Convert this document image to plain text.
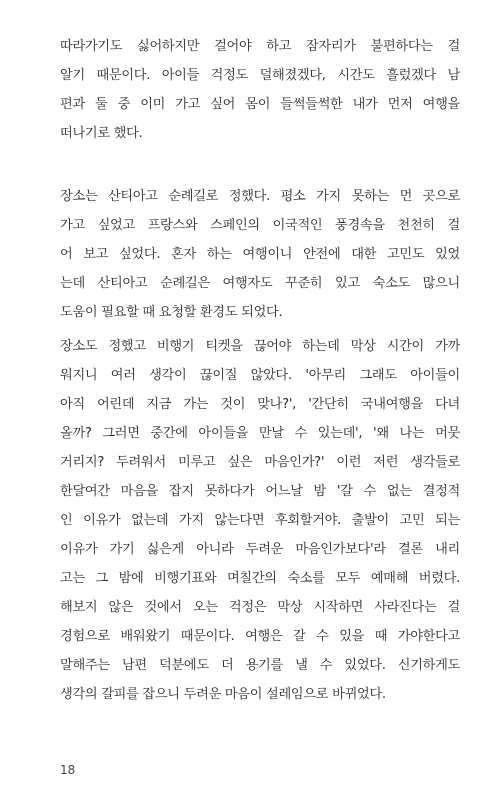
따라가기도 싫어하지만 걸어야 하고 잠자리가 불편하다는 걸
알기 때문이다. 아이들 걱정도 덜해졌겠다, 시간도 흘렀겠다 남
편과 둘 중 이미 가고 싶어 몸이 들썩들썩한 내가 먼저 여행을
떠나기로 했다.
장소는 산티아고 순례길로 정했다. 평소 가지 못하는 먼 곳으로
가고 싶었고 프랑스와 스페인의 이국적인 풍경속을 천천히 걸
어 보고 싶었다. 혼자 하는 여행이니 안전에 대한 고민도 있었
는데 산티아고 순례길은 여행자도 꾸준히 있고 숙소도 많으니
도움이 필요할 때 요청할 환경도 되었다.
장소도 정했고 비행기 티켓을 끊어야 하는데 막상 시간이 가까
워지니 여러 생각이 끊이질 않았다. '아무리 그래도 아이들이
아직 어린데 지금 가는 것이 맞나?', '간단히 국내여행을 다녀
올까? 그러면 중간에 아이들을 만날 수 있는데', '왜 나는 머뭇
거리지? 두려워서 미루고 싶은 마음인가?' 이런 저런 생각들로
한달여간 마음을 잡지 못하다가 어느날 밤 '갈 수 없는 결정적
인 이유가 없는데 가지 않는다면 후회할거야. 출발이 고민 되는
이유가 가기 싫은게 아니라 두려운 마음인가보다'라 결론 내리
고는 그 밤에 비행기표와 며칠간의 숙소를 모두 예매해 버렸다.
해보지 않은 것에서 오는 걱정은 막상 시작하면 사라진다는 걸
경험으로 배워왔기 때문이다. 여행은 갈 수 있을 때 가야한다고
말해주는 남편 덕분에도 더 용기를 낼 수 있었다. 신기하게도
생각의 갈피를 잡으니 두려운 마음이 설레임으로 바뀌었다.
18
